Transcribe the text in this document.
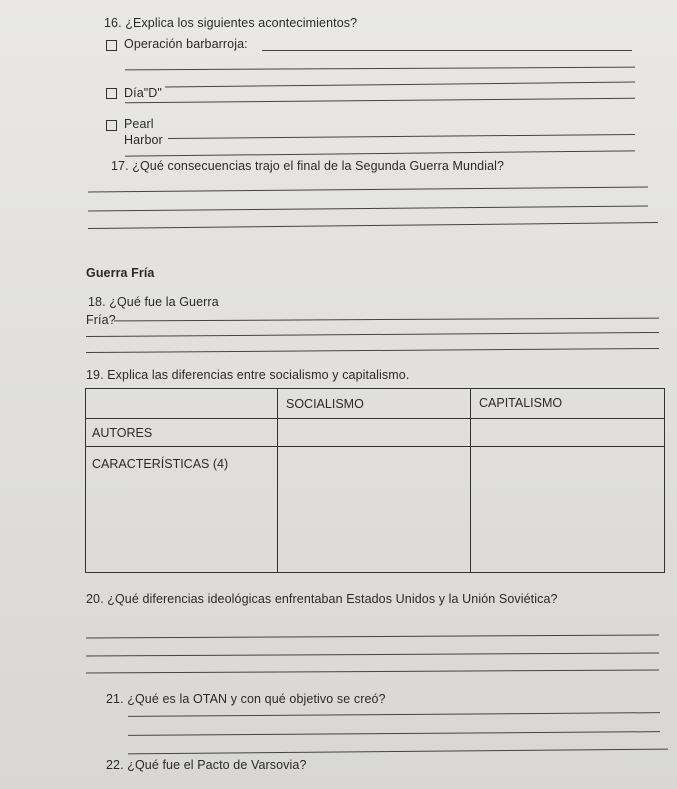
16. ¿Explica los siguientes acontecimientos?
Operación barbarroja:
Día"D"
Pearl
Harbor
17. ¿Qué consecuencias trajo el final de la Segunda Guerra Mundial?
Guerra Fría
18. ¿Qué fue la Guerra
Fría?
19. Explica las diferencias entre socialismo y capitalismo.
	SOCIALISMO	CAPITALISMO
AUTORES		
CARACTERÍSTICAS (4)		
20. ¿Qué diferencias ideológicas enfrentaban Estados Unidos y la Unión Soviética?
21. ¿Qué es la OTAN y con qué objetivo se creó?
22. ¿Qué fue el Pacto de Varsovia?
